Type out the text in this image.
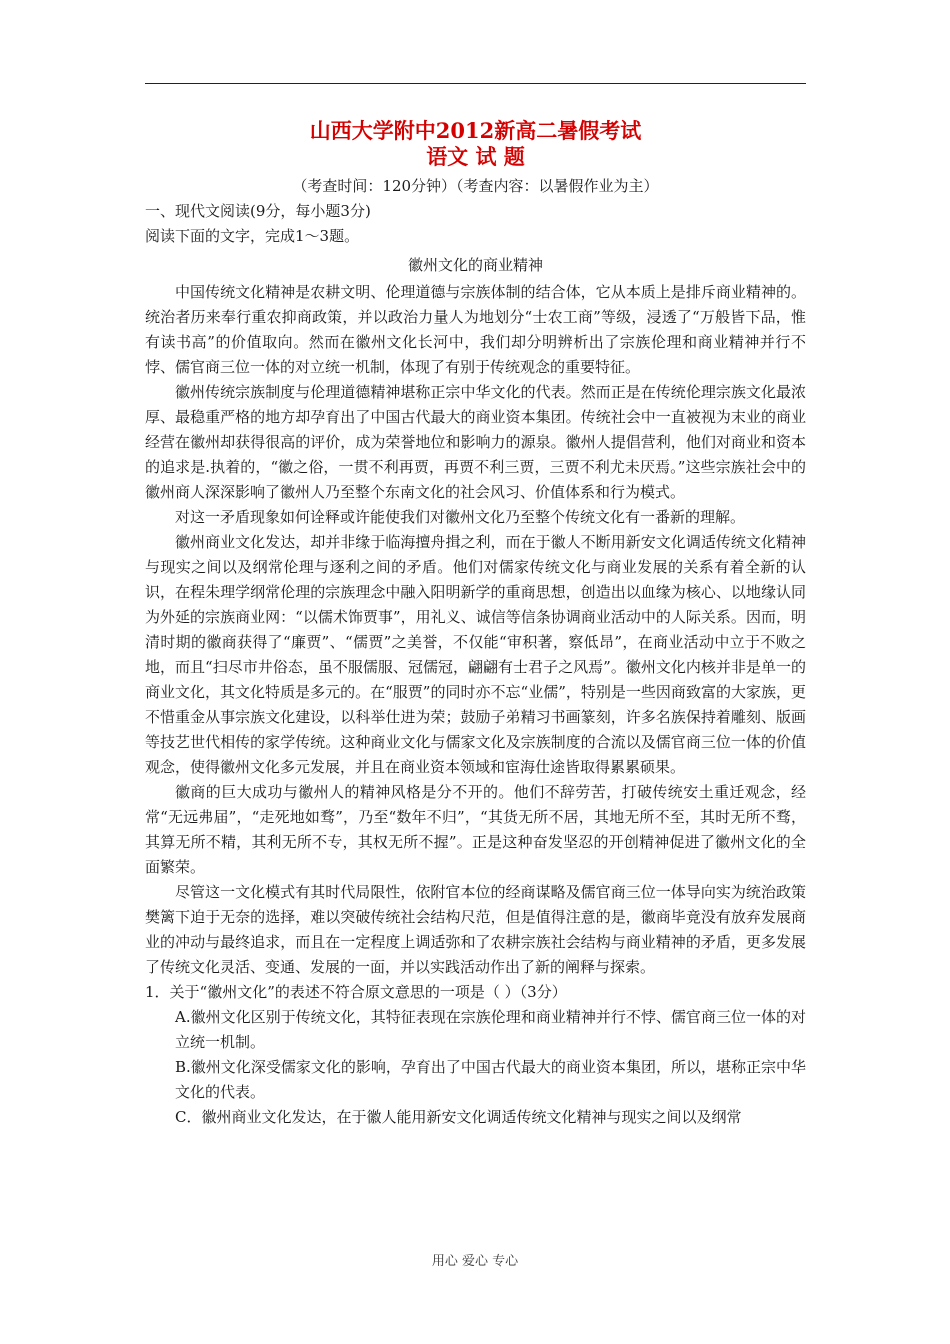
山西大学附中2012新高二暑假考试

语文 试 题

（考查时间：120分钟）（考查内容：以暑假作业为主）

一、现代文阅读(9分，每小题3分)

阅读下面的文字，完成1～3题。

徽州文化的商业精神

中国传统文化精神是农耕文明、伦理道德与宗族体制的结合体，它从本质上是排斥商业精神的。统治者历来奉行重农抑商政策，并以政治力量人为地划分“士农工商”等级，浸透了“万般皆下品，惟有读书高”的价值取向。然而在徽州文化长河中，我们却分明辨析出了宗族伦理和商业精神并行不悖、儒官商三位一体的对立统一机制，体现了有别于传统观念的重要特征。

徽州传统宗族制度与伦理道德精神堪称正宗中华文化的代表。然而正是在传统伦理宗族文化最浓厚、最稳重严格的地方却孕育出了中国古代最大的商业资本集团。传统社会中一直被视为末业的商业经营在徽州却获得很高的评价，成为荣誉地位和影响力的源泉。徽州人提倡营利，他们对商业和资本的追求是.执着的，“徽之俗，一贯不利再贾，再贾不利三贾，三贾不利尤未厌焉。”这些宗族社会中的徽州商人深深影响了徽州人乃至整个东南文化的社会风习、价值体系和行为模式。

对这一矛盾现象如何诠释或许能使我们对徽州文化乃至整个传统文化有一番新的理解。

徽州商业文化发达，却并非缘于临海擅舟揖之利，而在于徽人不断用新安文化调适传统文化精神与现实之间以及纲常伦理与逐利之间的矛盾。他们对儒家传统文化与商业发展的关系有着全新的认识，在程朱理学纲常伦理的宗族理念中融入阳明新学的重商思想，创造出以血缘为核心、以地缘认同为外延的宗族商业网：“以儒术饰贾事”，用礼义、诚信等信条协调商业活动中的人际关系。因而，明清时期的徽商获得了“廉贾”、“儒贾”之美誉，不仅能“审积著，察低昂”，在商业活动中立于不败之地，而且“扫尽市井俗态，虽不服儒服、冠儒冠，翩翩有士君子之风焉”。徽州文化内核并非是单一的商业文化，其文化特质是多元的。在“服贾”的同时亦不忘“业儒”，特别是一些因商致富的大家族，更不惜重金从事宗族文化建设，以科举仕进为荣；鼓励子弟精习书画篆刻，许多名族保持着雕刻、版画等技艺世代相传的家学传统。这种商业文化与儒家文化及宗族制度的合流以及儒官商三位一体的价值观念，使得徽州文化多元发展，并且在商业资本领域和宦海仕途皆取得累累硕果。

徽商的巨大成功与徽州人的精神风格是分不开的。他们不辞劳苦，打破传统安土重迁观念，经常“无远弗届”，“走死地如骛”，乃至“数年不归”，“其货无所不居，其地无所不至，其时无所不骛，其算无所不精，其利无所不专，其权无所不握”。正是这种奋发坚忍的开创精神促进了徽州文化的全面繁荣。

尽管这一文化模式有其时代局限性，依附官本位的经商谋略及儒官商三位一体导向实为统治政策樊篱下迫于无奈的选择，难以突破传统社会结构尺范，但是值得注意的是，徽商毕竟没有放弃发展商业的冲动与最终追求，而且在一定程度上调适弥和了农耕宗族社会结构与商业精神的矛盾，更多发展了传统文化灵活、变通、发展的一面，并以实践活动作出了新的阐释与探索。

1．关于“徽州文化”的表述不符合原文意思的一项是（ ）（3分）

A.徽州文化区别于传统文化，其特征表现在宗族伦理和商业精神并行不悖、儒官商三位一体的对立统一机制。

B.徽州文化深受儒家文化的影响，孕育出了中国古代最大的商业资本集团，所以，堪称正宗中华文化的代表。

C．徽州商业文化发达，在于徽人能用新安文化调适传统文化精神与现实之间以及纲常

用心 爱心 专心
